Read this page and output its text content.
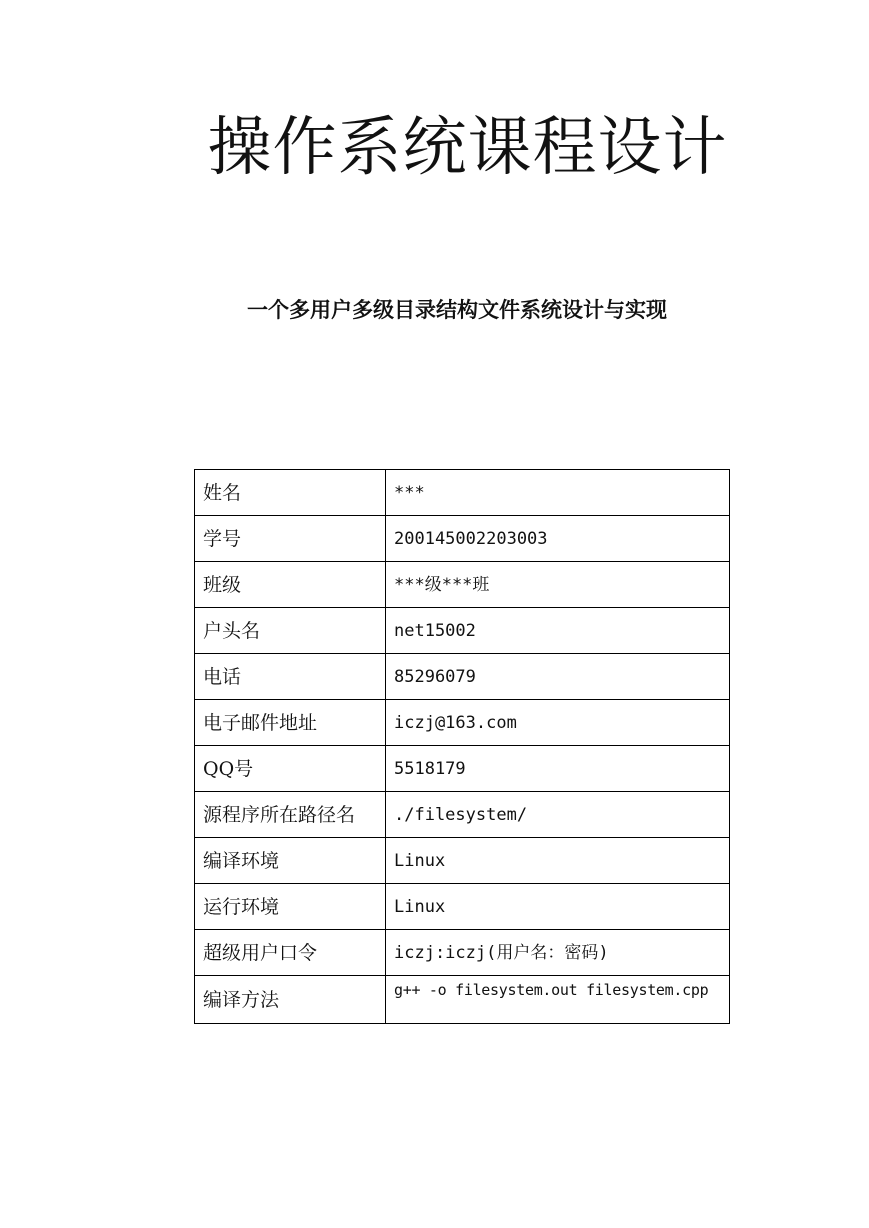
操作系统课程设计
一个多用户多级目录结构文件系统设计与实现
姓名	***
学号	200145002203003
班级	***级***班
户头名	net15002
电话	85296079
电子邮件地址	iczj@163.com
QQ号	5518179
源程序所在路径名	./filesystem/
编译环境	Linux
运行环境	Linux
超级用户口令	iczj:iczj(用户名：密码)
编译方法	g++ -o filesystem.out filesystem.cpp
